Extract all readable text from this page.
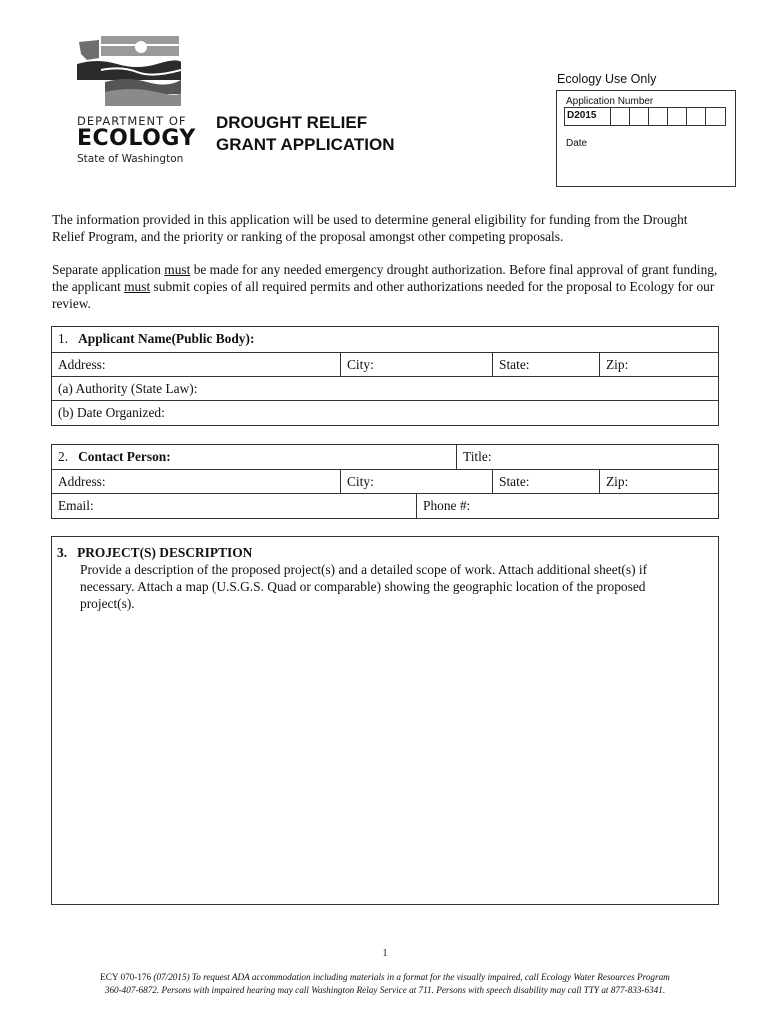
DEPARTMENT OF
ECOLOGY
State of Washington
DROUGHT RELIEF
GRANT APPLICATION
Ecology Use Only
Application Number
D2015
Date

The information provided in this application will be used to determine general eligibility for funding from the Drought Relief Program, and the priority or ranking of the proposal amongst other competing proposals.

Separate application must be made for any needed emergency drought authorization. Before final approval of grant funding, the applicant must submit copies of all required permits and other authorizations needed for the proposal to Ecology for our review.

1. Applicant Name(Public Body):
Address:	City:	State:	Zip:
(a) Authority (State Law):
(b) Date Organized:
2. Contact Person:	Title:
Address:	City:	State:	Zip:
Email:	Phone #:
3.   PROJECT(S) DESCRIPTION
Provide a description of the proposed project(s) and a detailed scope of work. Attach additional sheet(s) if necessary. Attach a map (U.S.G.S. Quad or comparable) showing the geographic location of the proposed project(s).
1
ECY 070-176 (07/2015) To request ADA accommodation including materials in a format for the visually impaired, call Ecology Water Resources Program
360-407-6872. Persons with impaired hearing may call Washington Relay Service at 711. Persons with speech disability may call TTY at 877-833-6341.
